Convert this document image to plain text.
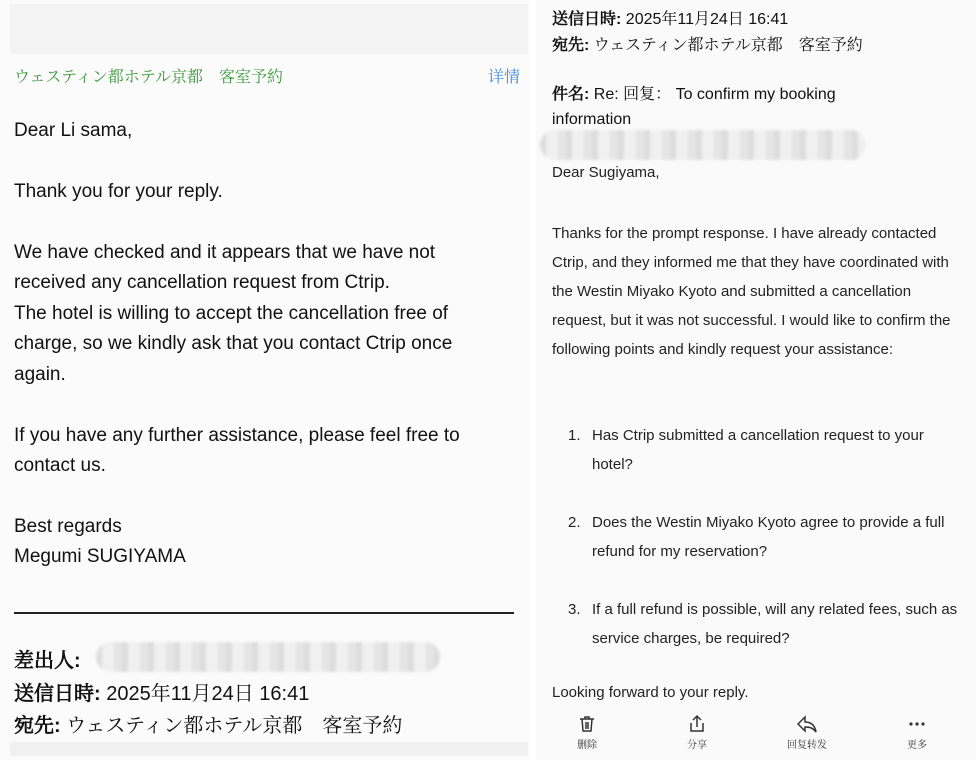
ウェスティン都ホテル京都　客室予約	详情
Dear Li sama,
Thank you for your reply.
We have checked and it appears that we have not
received any cancellation request from Ctrip.
The hotel is willing to accept the cancellation free of
charge, so we kindly ask that you contact Ctrip once
again.
If you have any further assistance, please feel free to
contact us.
Best regards
Megumi SUGIYAMA
差出人:
送信日時: 2025年11月24日 16:41
宛先: ウェスティン都ホテル京都　客室予約
送信日時: 2025年11月24日 16:41
宛先: ウェスティン都ホテル京都　客室予約
件名: Re: 回复： To confirm my booking information
Dear Sugiyama,
Thanks for the prompt response. I have already contacted Ctrip, and they informed me that they have coordinated with the Westin Miyako Kyoto and submitted a cancellation request, but it was not successful. I would like to confirm the following points and kindly request your assistance:
1. Has Ctrip submitted a cancellation request to your hotel?
2. Does the Westin Miyako Kyoto agree to provide a full refund for my reservation?
3. If a full refund is possible, will any related fees, such as service charges, be required?
Looking forward to your reply.
删除	分享	回复转发	更多
